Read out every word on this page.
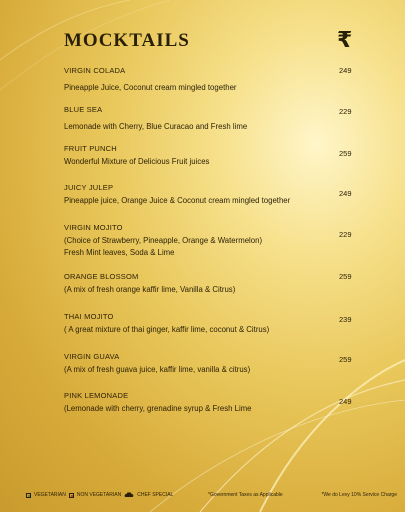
MOCKTAILS	₹
VIRGIN COLADA
Pineapple Juice, Coconut cream mingled together
249
BLUE SEA
Lemonade with Cherry, Blue Curacao and Fresh lime
229
FRUIT PUNCH
Wonderful Mixture of Delicious Fruit juices
259
JUICY JULEP
Pineapple juice, Orange Juice & Coconut cream mingled together
249
VIRGIN MOJITO
(Choice of Strawberry, Pineapple, Orange & Watermelon)
Fresh Mint leaves, Soda & Lime
229
ORANGE BLOSSOM
(A mix of fresh orange kaffir lime, Vanilla & Citrus)
259
THAI MOJITO
( A great mixture of thai ginger, kaffir lime, coconut & Citrus)
239
VIRGIN GUAVA
(A mix of fresh guava juice, kaffir lime, vanilla & citrus)
259
PINK LEMONADE
(Lemonade with cherry, grenadine syrup & Fresh Lime
249
VEGETARIAN NON VEGETARIAN	CHEF SPECIAL	*Government Taxes as Applicable	*We do Levy 10% Service Charge
